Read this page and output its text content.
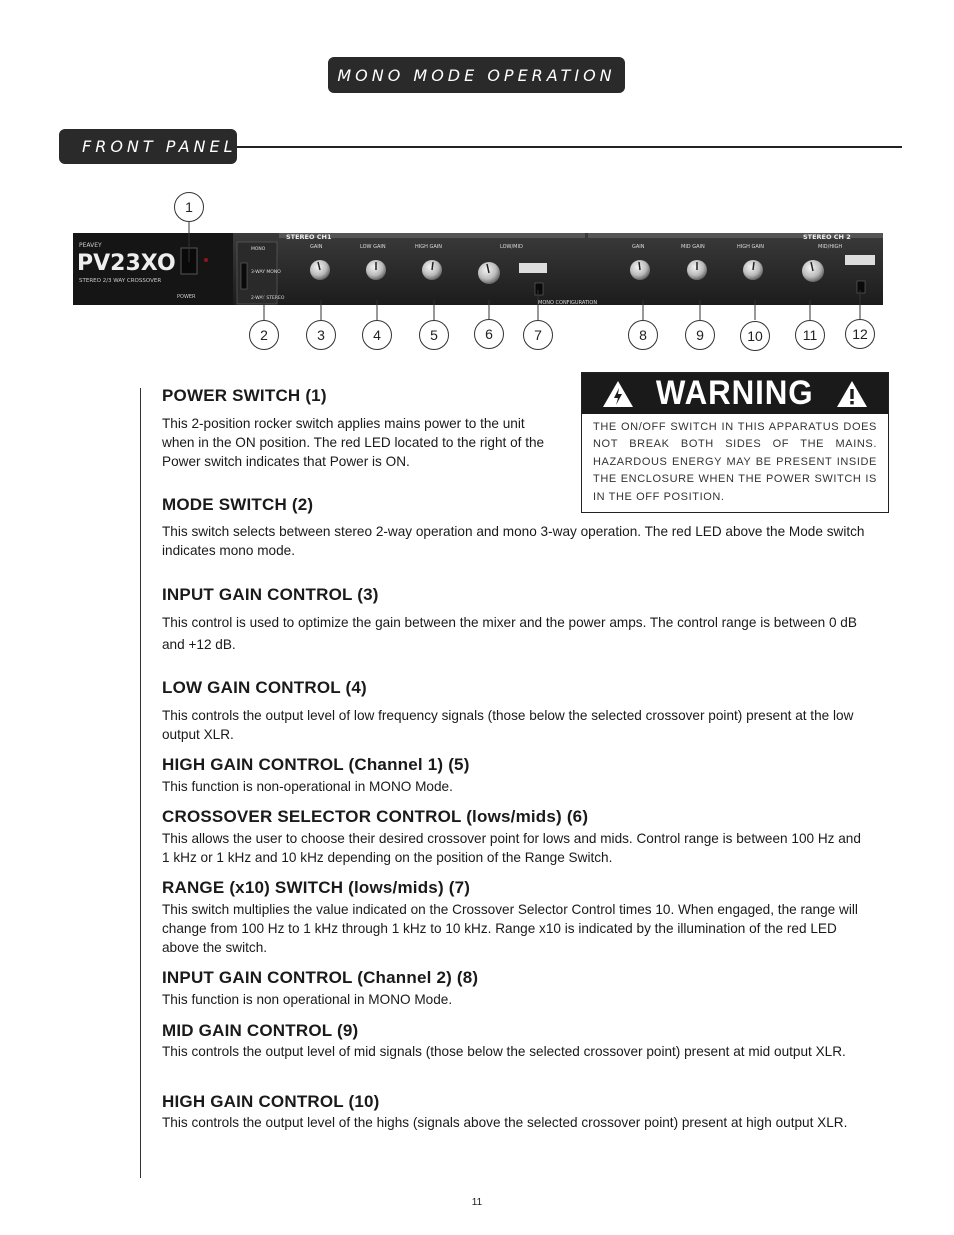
MONO MODE OPERATION
FRONT PANEL
PEAVEY
PV23XO
STEREO 2/3 WAY CROSSOVER
POWER
MONO
3-WAY MONO
2-WAY STEREO
STEREO CH1	STEREO CH 2
GAIN	LOW GAIN	HIGH GAIN	LOW/MID
MONO CONFIGURATION
GAIN	MID GAIN	HIGH GAIN	MID/HIGH
1
2	3	4	5	6	7	8	9	10	11	12
WARNING
THE ON/OFF SWITCH IN THIS APPARATUS DOES NOT BREAK BOTH SIDES OF THE MAINS. HAZARDOUS ENERGY MAY BE PRESENT INSIDE THE ENCLOSURE WHEN THE POWER SWITCH IS IN THE OFF POSITION.
POWER SWITCH (1)
This 2-position rocker switch applies mains power to the unit when in the ON position. The red LED located to the right of the Power switch indicates that Power is ON.
MODE SWITCH (2)
This switch selects between stereo 2-way operation and mono 3-way operation. The red LED above the Mode switch indicates mono mode.
INPUT GAIN CONTROL (3)
This control is used to optimize the gain between the mixer and the power amps. The control range is between 0 dB and +12 dB.
LOW GAIN CONTROL (4)
This controls the output level of low frequency signals (those below the selected crossover point) present at the low output XLR.
HIGH GAIN CONTROL (Channel 1) (5)
This function is non-operational in MONO Mode.
CROSSOVER SELECTOR CONTROL (lows/mids) (6)
This allows the user to choose their desired crossover point for lows and mids. Control range is between 100 Hz and 1 kHz or 1 kHz and 10 kHz depending on the position of the Range Switch.
RANGE (x10) SWITCH (lows/mids) (7)
This switch multiplies the value indicated on the Crossover Selector Control times 10. When engaged, the range will change from 100 Hz to 1 kHz through 1 kHz to 10 kHz. Range x10 is indicated by the illumination of the red LED above the switch.
INPUT GAIN CONTROL (Channel 2) (8)
This function is non operational in MONO Mode.
MID GAIN CONTROL (9)
This controls the output level of mid signals (those below the selected crossover point) present at mid output XLR.
HIGH GAIN CONTROL (10)
This controls the output level of the highs (signals above the selected crossover point) present at high output XLR.
11
